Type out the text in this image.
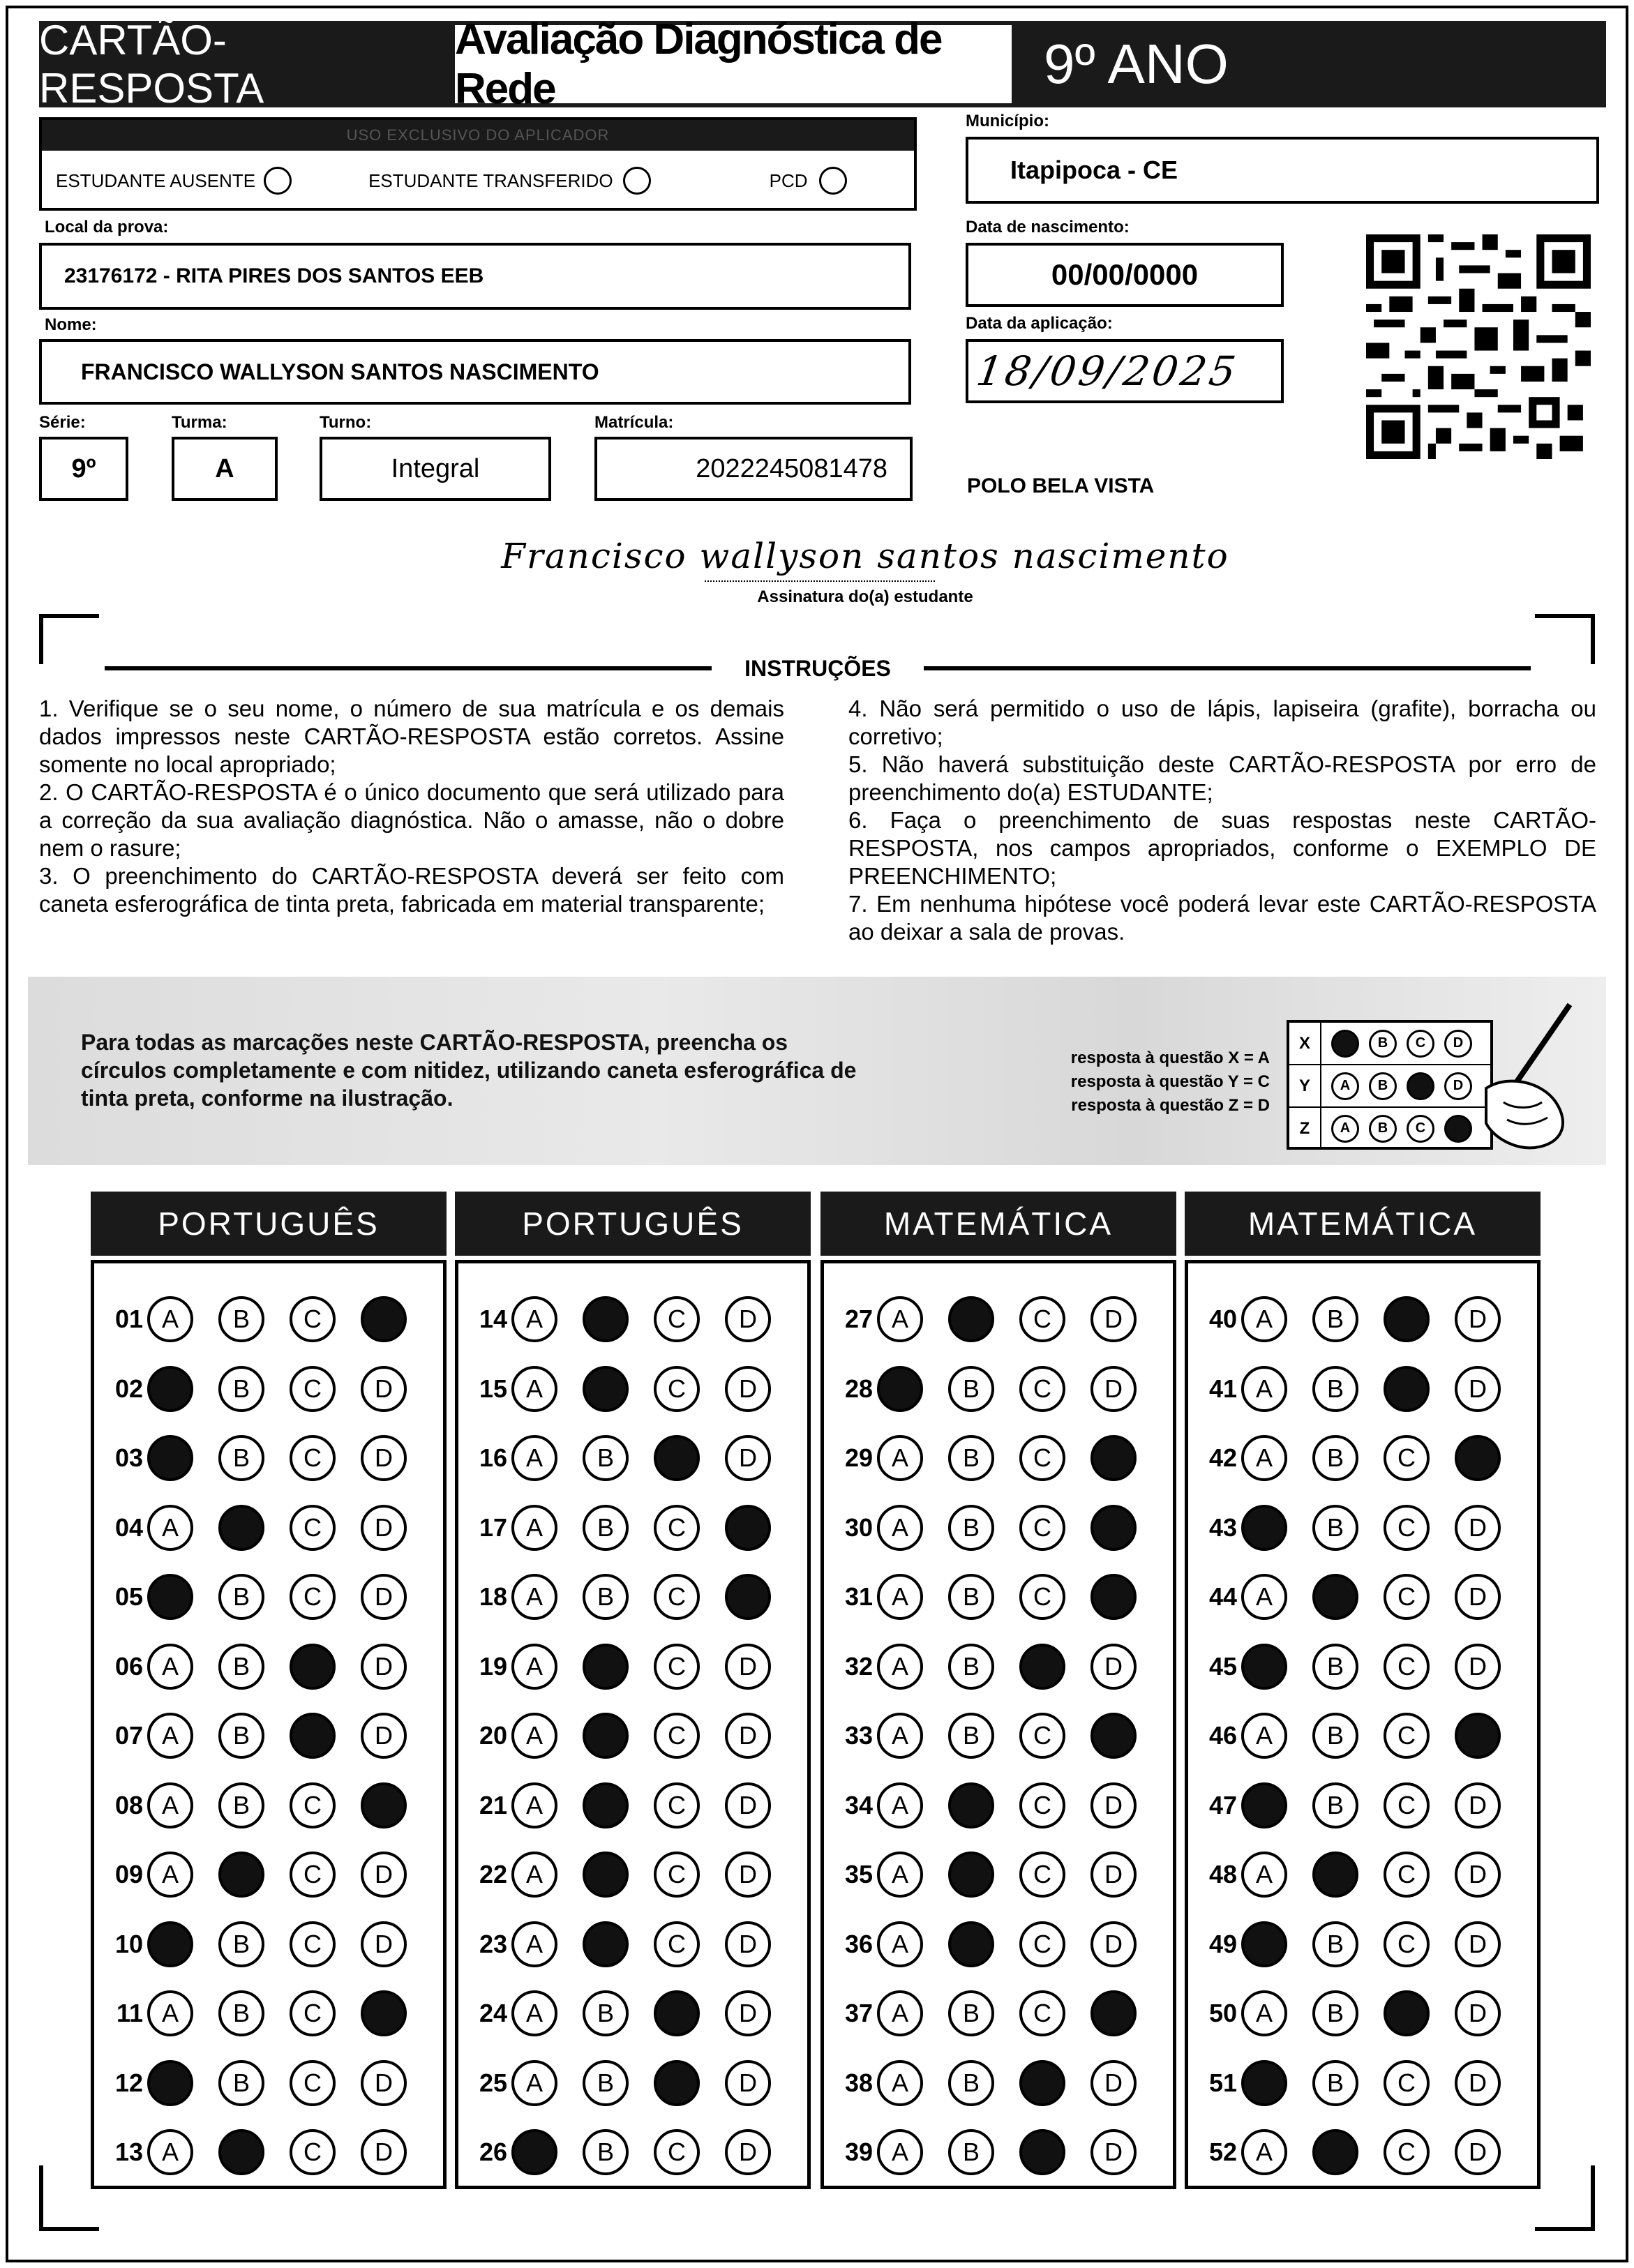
CARTÃO-RESPOSTA
Avaliação Diagnóstica de Rede	9º ANO
USO EXCLUSIVO DO APLICADOR
ESTUDANTE AUSENTE	ESTUDANTE TRANSFERIDO	PCD
Município:
Itapipoca - CE
Local da prova:
23176172 - RITA PIRES DOS SANTOS EEB
Data de nascimento:
00/00/0000
Nome:
FRANCISCO WALLYSON SANTOS NASCIMENTO
Data da aplicação:
18/09/2025
Série:
9º
Turma:
A
Turno:
Integral
Matrícula:
2022245081478
POLO BELA VISTA
Francisco wallyson santos nascimento
Assinatura do(a) estudante
INSTRUÇÕES

1. Verifique se o seu nome, o número de sua matrícula e os demais dados impressos neste CARTÃO-RESPOSTA estão corretos. Assine somente no local apropriado;

2. O CARTÃO-RESPOSTA é o único documento que será utilizado para a correção da sua avaliação diagnóstica. Não o amasse, não o dobre nem o rasure;

3. O preenchimento do CARTÃO-RESPOSTA deverá ser feito com caneta esferográfica de tinta preta, fabricada em material transparente;

4. Não será permitido o uso de lápis, lapiseira (grafite), borracha ou corretivo;

5. Não haverá substituição deste CARTÃO-RESPOSTA por erro de preenchimento do(a) ESTUDANTE;

6. Faça o preenchimento de suas respostas neste CARTÃO-RESPOSTA, nos campos apropriados, conforme o EXEMPLO DE PREENCHIMENTO;

7. Em nenhuma hipótese você poderá levar este CARTÃO-RESPOSTA ao deixar a sala de provas.

Para todas as marcações neste CARTÃO-RESPOSTA, preencha os círculos completamente e com nitidez, utilizando caneta esferográfica de tinta preta, conforme na ilustração.
resposta à questão X = A
resposta à questão Y = C
resposta à questão Z = D
X	A	B	C	D
Y	A	B	C	D
Z	A	B	C	D
PORTUGUÊS	PORTUGUÊS	MATEMÁTICA	MATEMÁTICA
01 A B C
02	B C D
03	B C D
04 A	C D
05	B C D
06 A B	D
07 A B	D
08 A B C
09 A	C D
10	B C D
11 A B C
12	B C D
13 A	C D
14 A	C D
15 A	C D
16 A B	D
17 A B C
18 A B C
19 A	C D
20 A	C D
21 A	C D
22 A	C D
23 A	C D
24 A B	D
25 A B	D
26	B C D
27 A	C D
28	B C D
29 A B C
30 A B C
31 A B C
32 A B	D
33 A B C
34 A	C D
35 A	C D
36 A	C D
37 A B C
38 A B	D
39 A B	D
40 A B	D
41 A B	D
42 A B C
43	B C D
44 A	C D
45	B C D
46 A B C
47	B C D
48 A	C D
49	B C D
50 A B	D
51	B C D
52 A	C D
